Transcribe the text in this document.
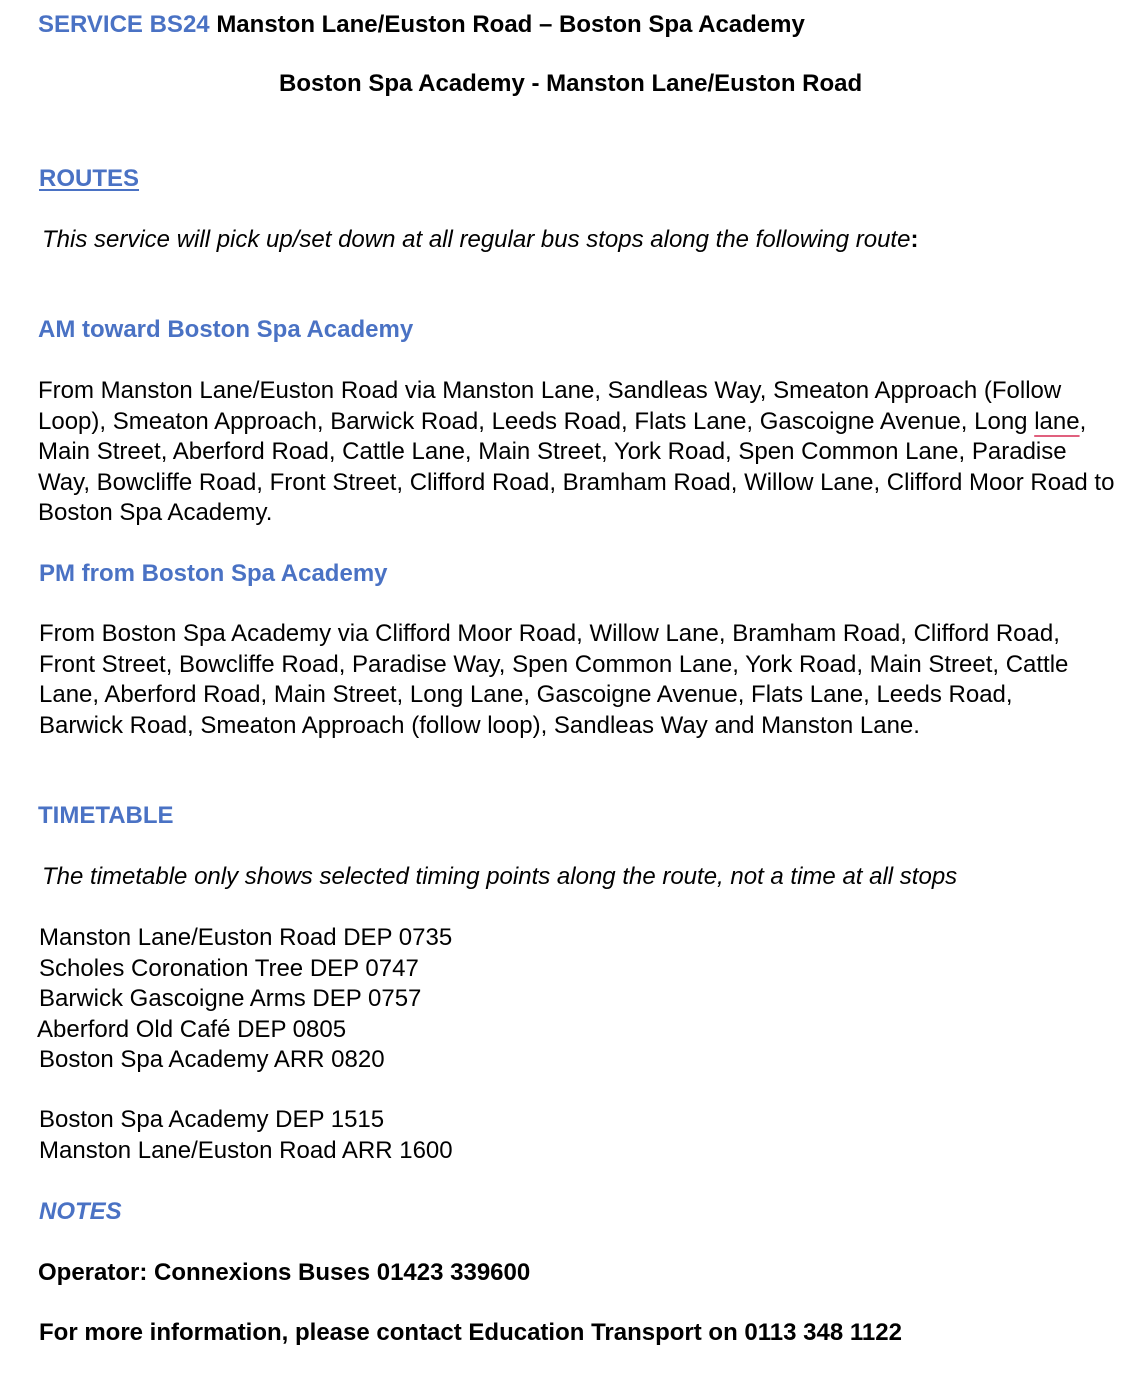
SERVICE BS24 Manston Lane/Euston Road – Boston Spa Academy
Boston Spa Academy - Manston Lane/Euston Road
ROUTES
This service will pick up/set down at all regular bus stops along the following route:
AM toward Boston Spa Academy
From Manston Lane/Euston Road via Manston Lane, Sandleas Way, Smeaton Approach (Follow Loop), Smeaton Approach, Barwick Road, Leeds Road, Flats Lane, Gascoigne Avenue, Long lane, Main Street, Aberford Road, Cattle Lane, Main Street, York Road, Spen Common Lane, Paradise Way, Bowcliffe Road, Front Street, Clifford Road, Bramham Road, Willow Lane, Clifford Moor Road to Boston Spa Academy.
PM from Boston Spa Academy
From Boston Spa Academy via Clifford Moor Road, Willow Lane, Bramham Road, Clifford Road, Front Street, Bowcliffe Road, Paradise Way, Spen Common Lane, York Road, Main Street, Cattle Lane, Aberford Road, Main Street, Long Lane, Gascoigne Avenue, Flats Lane, Leeds Road, Barwick Road, Smeaton Approach (follow loop), Sandleas Way and Manston Lane.
TIMETABLE
The timetable only shows selected timing points along the route, not a time at all stops
Manston Lane/Euston Road DEP 0735
Scholes Coronation Tree DEP 0747
Barwick Gascoigne Arms DEP 0757
Aberford Old Café DEP 0805
Boston Spa Academy ARR 0820
Boston Spa Academy DEP 1515
Manston Lane/Euston Road ARR 1600
NOTES
Operator: Connexions Buses 01423 339600
For more information, please contact Education Transport on 0113 348 1122
